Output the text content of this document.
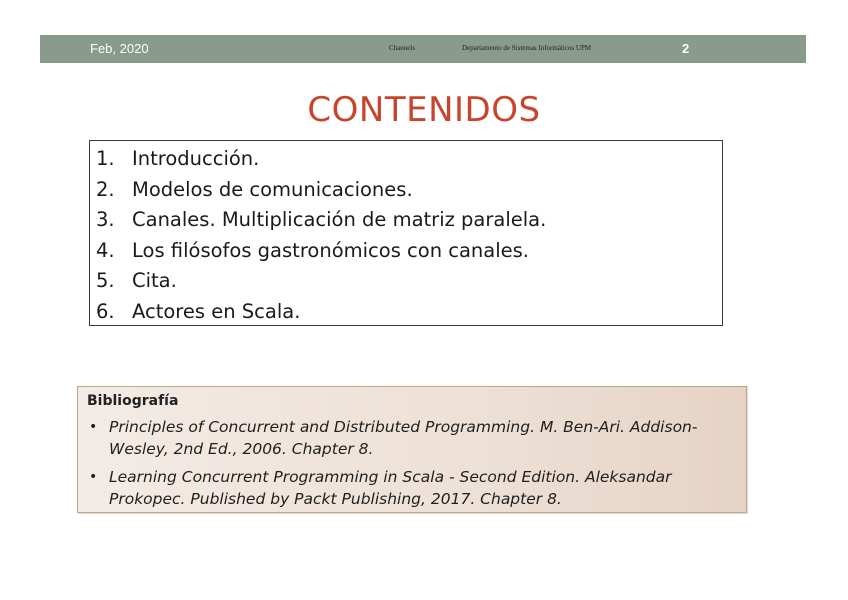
Feb, 2020	Channels	Departamento de Sistemas Informáticos UPM	2
CONTENIDOS
1. Introducción.
2. Modelos de comunicaciones.
3. Canales. Multiplicación de matriz paralela.
4. Los filósofos gastronómicos con canales.
5. Cita.
6. Actores en Scala.
Bibliografía
• Principles of Concurrent and Distributed Programming. M. Ben-Ari. Addison-Wesley, 2nd Ed., 2006. Chapter 8.
• Learning Concurrent Programming in Scala - Second Edition. Aleksandar Prokopec. Published by Packt Publishing, 2017. Chapter 8.
